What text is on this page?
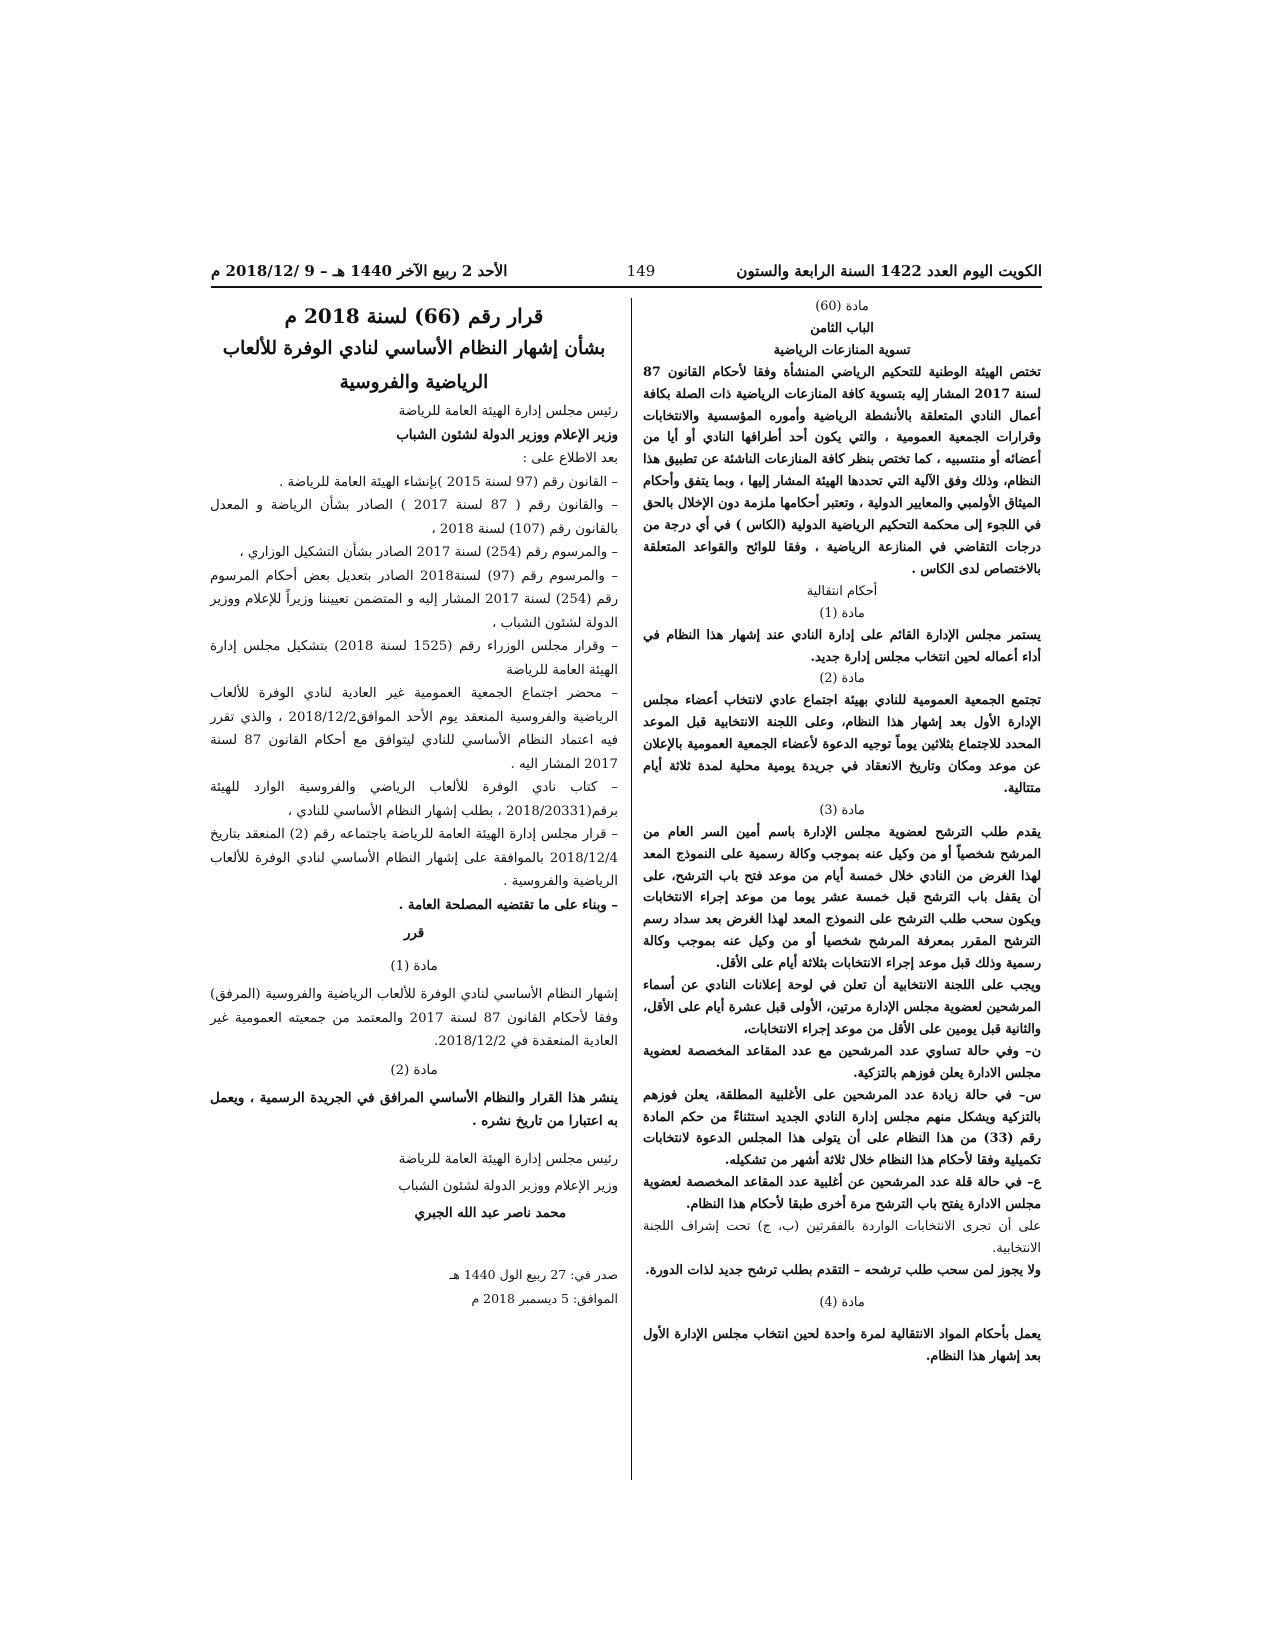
الكويت اليوم العدد 1422 السنة الرابعة والستون
149
الأحد 2 ربيع الآخر 1440 هـ – 9 /2018/12 م

مادة (60)

الباب الثامن

تسوية المنازعات الرياضية

تختص الهيئة الوطنية للتحكيم الرياضي المنشأة وفقا لأحكام القانون 87 لسنة 2017 المشار إليه بتسوية كافة المنازعات الرياضية ذات الصلة بكافة أعمال النادي المتعلقة بالأنشطة الرياضية وأموره المؤسسية والانتخابات وقرارات الجمعية العمومية ، والتي يكون أحد أطرافها النادي أو أيا من أعضائه أو منتسبيه ، كما تختص بنظر كافة المنازعات الناشئة عن تطبيق هذا النظام، وذلك وفق الآلية التي تحددها الهيئة المشار إليها ، وبما يتفق وأحكام الميثاق الأولمبي والمعايير الدولية ، وتعتبر أحكامها ملزمة دون الإخلال بالحق في اللجوء إلى محكمة التحكيم الرياضية الدولية (الكاس ) في أي درجة من درجات التقاضي في المنازعة الرياضية ، وفقا للوائح والقواعد المتعلقة بالاختصاص لدى الكاس .

أحكام انتقالية

مادة (1)

يستمر مجلس الإدارة القائم على إدارة النادي عند إشهار هذا النظام في أداء أعماله لحين انتخاب مجلس إدارة جديد.

مادة (2)

تجتمع الجمعية العمومية للنادي بهيئة اجتماع عادي لانتخاب أعضاء مجلس الإدارة الأول بعد إشهار هذا النظام، وعلى اللجنة الانتخابية قبل الموعد المحدد للاجتماع بثلاثين يوماً توجيه الدعوة لأعضاء الجمعية العمومية بالإعلان عن موعد ومكان وتاريخ الانعقاد في جريدة يومية محلية لمدة ثلاثة أيام متتالية.

مادة (3)

يقدم طلب الترشح لعضوية مجلس الإدارة باسم أمين السر العام من المرشح شخصياً أو من وكيل عنه بموجب وكالة رسمية على النموذج المعد لهذا الغرض من النادي خلال خمسة أيام من موعد فتح باب الترشح، على أن يقفل باب الترشح قبل خمسة عشر يوما من موعد إجراء الانتخابات ويكون سحب طلب الترشح على النموذج المعد لهذا الغرض بعد سداد رسم الترشح المقرر بمعرفة المرشح شخصيا أو من وكيل عنه بموجب وكالة رسمية وذلك قبل موعد إجراء الانتخابات بثلاثة أيام على الأقل.

ويجب على اللجنة الانتخابية أن تعلن في لوحة إعلانات النادي عن أسماء المرشحين لعضوية مجلس الإدارة مرتين، الأولى قبل عشرة أيام على الأقل، والثانية قبل يومين على الأقل من موعد إجراء الانتخابات،

ن– وفي حالة تساوي عدد المرشحين مع عدد المقاعد المخصصة لعضوية مجلس الادارة يعلن فوزهم بالتزكية.

س– في حالة زيادة عدد المرشحين على الأغلبية المطلقة، يعلن فوزهم بالتزكية ويشكل منهم مجلس إدارة النادي الجديد استثناءً من حكم المادة رقم (33) من هذا النظام على أن يتولى هذا المجلس الدعوة لانتخابات تكميلية وفقا لأحكام هذا النظام خلال ثلاثة أشهر من تشكيله.

ع– في حالة قلة عدد المرشحين عن أغلبية عدد المقاعد المخصصة لعضوية مجلس الادارة يفتح باب الترشح مرة أخرى طبقا لأحكام هذا النظام.

على أن تجرى الانتخابات الواردة بالفقرتين (ب، ج) تحت إشراف اللجنة الانتخابية.

ولا يجوز لمن سحب طلب ترشحه – التقدم بطلب ترشح جديد لذات الدورة.

مادة (4)

يعمل بأحكام المواد الانتقالية لمرة واحدة لحين انتخاب مجلس الإدارة الأول بعد إشهار هذا النظام.

قرار رقم (66) لسنة 2018 م

بشأن إشهار النظام الأساسي لنادي الوفرة للألعاب

الرياضية والفروسية

رئيس مجلس إدارة الهيئة العامة للرياضة

وزير الإعلام ووزير الدولة لشئون الشباب

بعد الاطلاع على :

– القانون رقم (97 لسنة 2015 )بإنشاء الهيئة العامة للرياضة .

– والقانون رقم ( 87 لسنة 2017 ) الصادر بشأن الرياضة و المعدل بالقانون رقم (107) لسنة 2018 ،

– والمرسوم رقم (254) لسنة 2017 الصادر بشأن التشكيل الوزاري ،

– والمرسوم رقم (97) لسنة2018 الصادر بتعديل بعض أحكام المرسوم رقم (254) لسنة 2017 المشار إليه و المتضمن تعييننا وزيراً للإعلام ووزير الدولة لشئون الشباب ،

– وقرار مجلس الوزراء رقم (1525 لسنة 2018) بتشكيل مجلس إدارة الهيئة العامة للرياضة

– محضر اجتماع الجمعية العمومية غير العادية لنادي الوفرة للألعاب الرياضية والفروسية المنعقد يوم الأحد الموافق2018/12/2 ، والذي تقرر فيه اعتماد النظام الأساسي للنادي ليتوافق مع أحكام القانون 87 لسنة 2017 المشار اليه .

– كتاب نادي الوفرة للألعاب الرياضي والفروسية الوارد للهيئة برقم(2018/20331 ، بطلب إشهار النظام الأساسي للنادي ،

– قرار مجلس إدارة الهيئة العامة للرياضة باجتماعه رقم (2) المنعقد بتاريخ 2018/12/4 بالموافقة على إشهار النظام الأساسي لنادي الوفرة للألعاب الرياضية والفروسية .

– وبناء على ما تقتضيه المصلحة العامة .

قرر

مادة (1)

إشهار النظام الأساسي لنادي الوفرة للألعاب الرياضية والفروسية (المرفق) وفقا لأحكام القانون 87 لسنة 2017 والمعتمد من جمعيته العمومية غير العادية المنعقدة في 2018/12/2.

مادة (2)

ينشر هذا القرار والنظام الأساسي المرافق في الجريدة الرسمية ، ويعمل به اعتبارا من تاريخ نشره .

رئيس مجلس إدارة الهيئة العامة للرياضة

وزير الإعلام ووزير الدولة لشئون الشباب

محمد ناصر عبد الله الجبري

صدر في: 27 ربيع الول 1440 هـ

الموافق: 5 ديسمبر 2018 م
